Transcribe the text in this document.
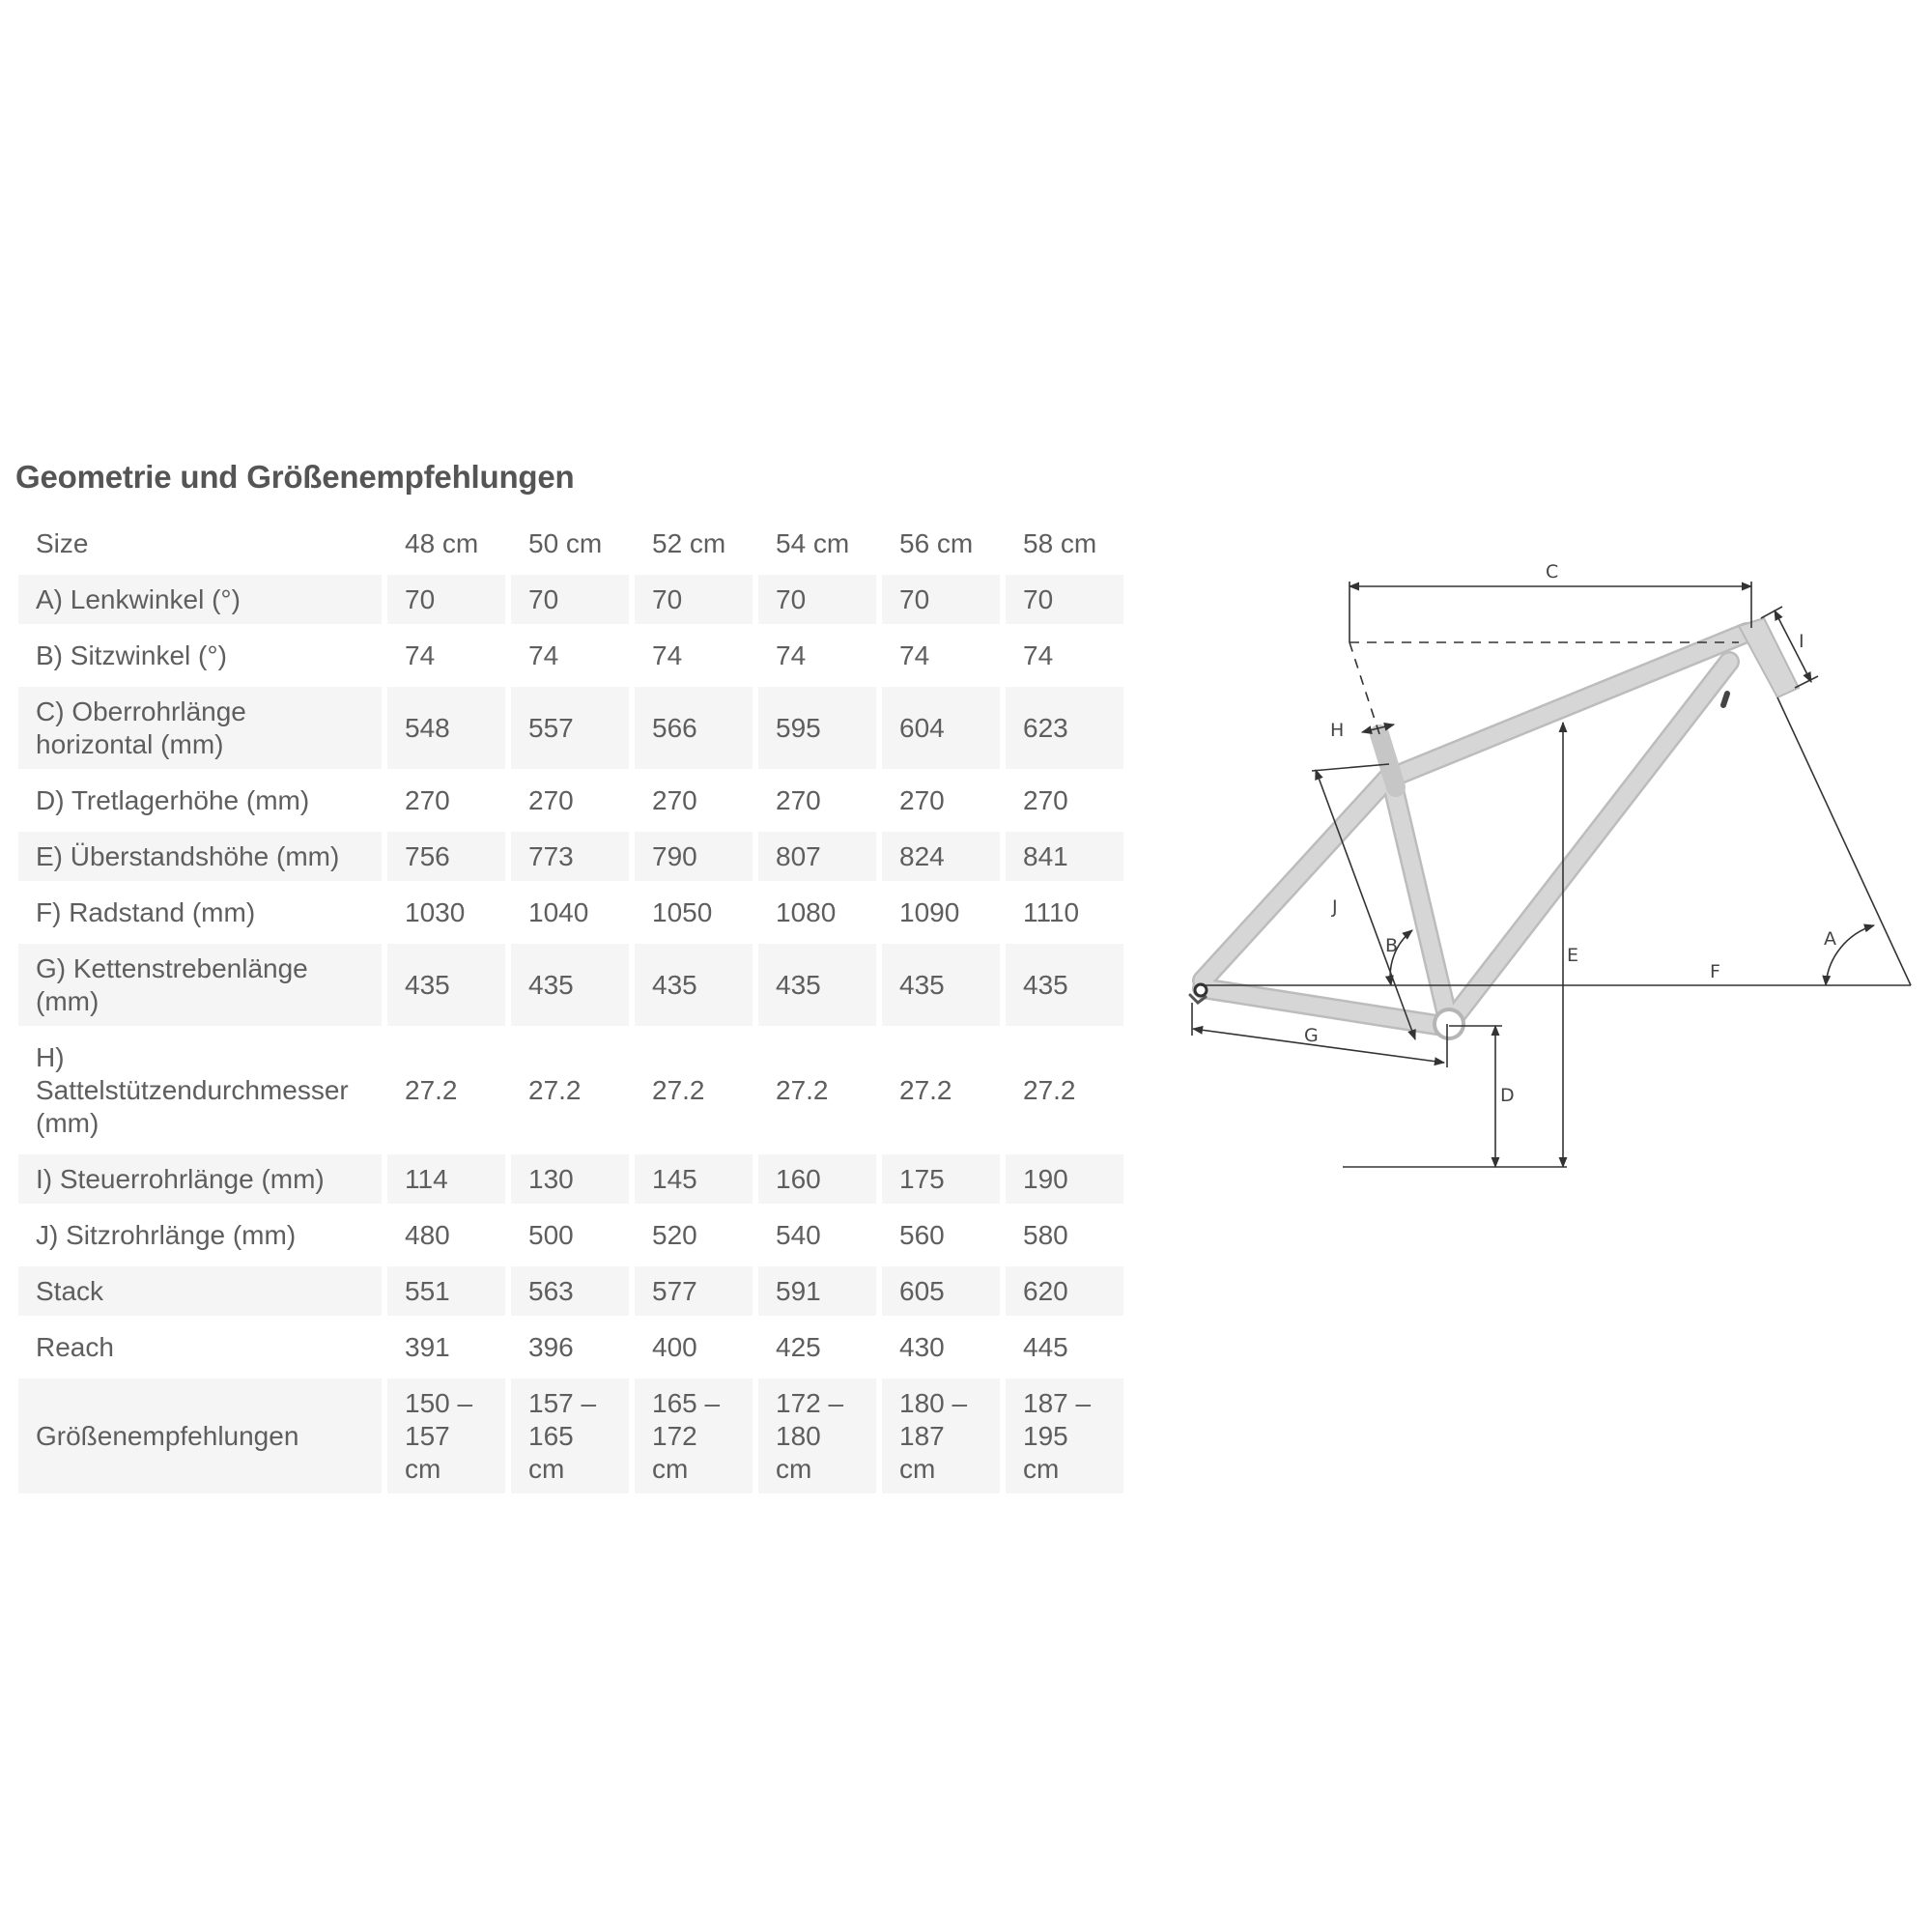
Geometrie und Größenempfehlungen
Size	48 cm	50 cm	52 cm	54 cm	56 cm	58 cm
A) Lenkwinkel (°)	70	70	70	70	70	70
B) Sitzwinkel (°)	74	74	74	74	74	74
C) Oberrohrlänge horizontal (mm)	548	557	566	595	604	623
D) Tretlagerhöhe (mm)	270	270	270	270	270	270
E) Überstandshöhe (mm)	756	773	790	807	824	841
F) Radstand (mm)	1030	1040	1050	1080	1090	1110
G) Kettenstrebenlänge (mm)	435	435	435	435	435	435
H) Sattelstützendurchmesser (mm)	27.2	27.2	27.2	27.2	27.2	27.2
I) Steuerrohrlänge (mm)	114	130	145	160	175	190
J) Sitzrohrlänge (mm)	480	500	520	540	560	580
Stack	551	563	577	591	605	620
Reach	391	396	400	425	430	445
Größenempfehlungen	150 – 157 cm	157 – 165 cm	165 – 172 cm	172 – 180 cm	180 – 187 cm	187 – 195 cm
C
I
H
J
B	E
F
A
G
D
